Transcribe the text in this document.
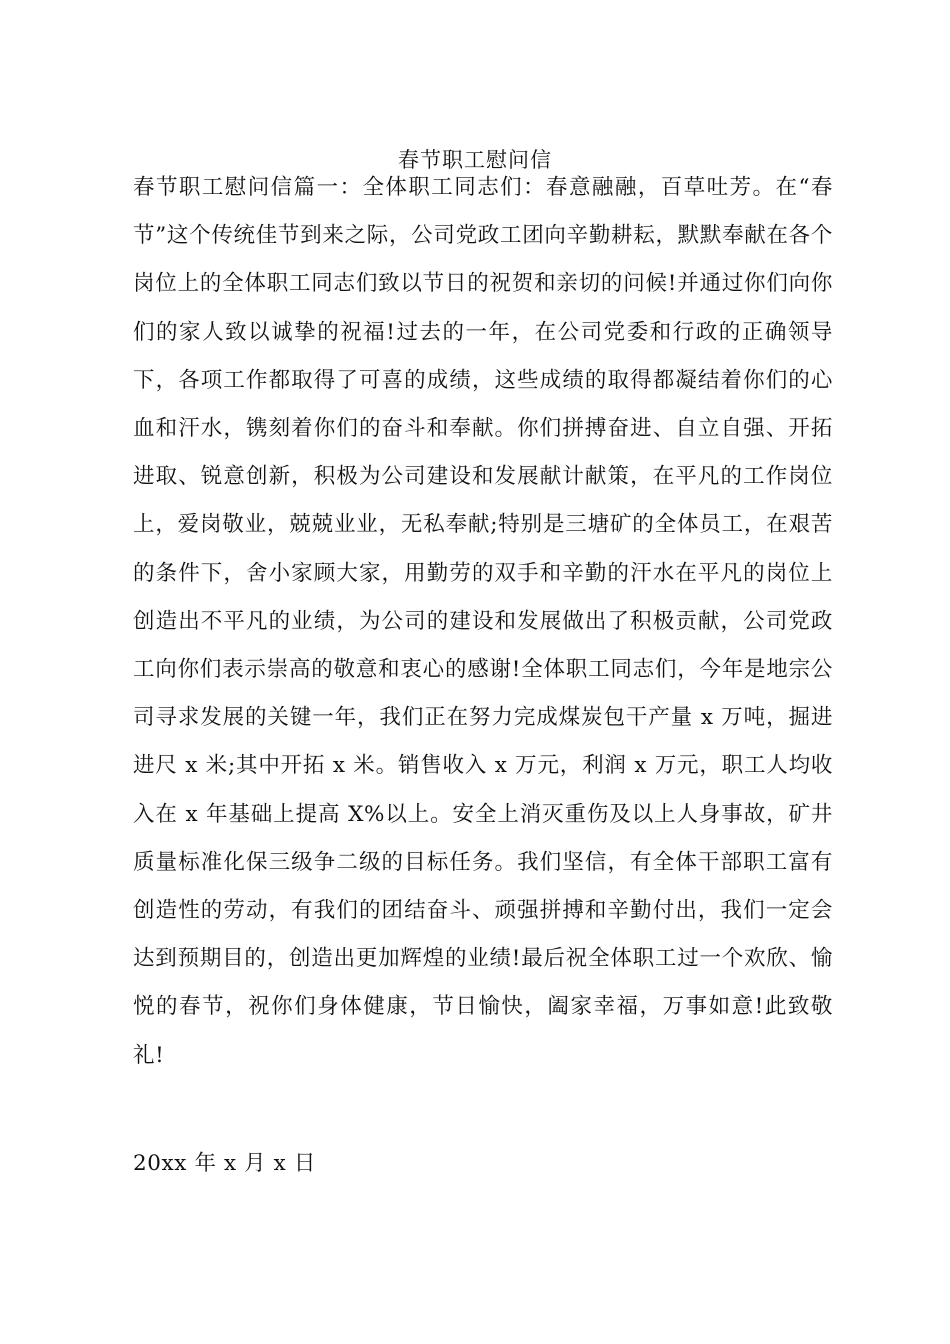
春节职工慰问信

春节职工慰问信篇一：全体职工同志们：春意融融，百草吐芳。在“春节”这个传统佳节到来之际，公司党政工团向辛勤耕耘，默默奉献在各个岗位上的全体职工同志们致以节日的祝贺和亲切的问候!并通过你们向你们的家人致以诚挚的祝福!过去的一年，在公司党委和行政的正确领导下，各项工作都取得了可喜的成绩，这些成绩的取得都凝结着你们的心血和汗水，镌刻着你们的奋斗和奉献。你们拼搏奋进、自立自强、开拓进取、锐意创新，积极为公司建设和发展献计献策，在平凡的工作岗位上，爱岗敬业，兢兢业业，无私奉献;特别是三塘矿的全体员工，在艰苦的条件下，舍小家顾大家，用勤劳的双手和辛勤的汗水在平凡的岗位上创造出不平凡的业绩，为公司的建设和发展做出了积极贡献，公司党政工向你们表示崇高的敬意和衷心的感谢!全体职工同志们，今年是地宗公司寻求发展的关键一年，我们正在努力完成煤炭包干产量 x 万吨，掘进进尺 x 米;其中开拓 x 米。销售收入 x 万元，利润 x 万元，职工人均收入在 x 年基础上提高 X%以上。安全上消灭重伤及以上人身事故，矿井质量标准化保三级争二级的目标任务。我们坚信，有全体干部职工富有创造性的劳动，有我们的团结奋斗、顽强拼搏和辛勤付出，我们一定会达到预期目的，创造出更加辉煌的业绩!最后祝全体职工过一个欢欣、愉悦的春节，祝你们身体健康，节日愉快，阖家幸福，万事如意!此致敬礼!

20xx 年 x 月 x 日
